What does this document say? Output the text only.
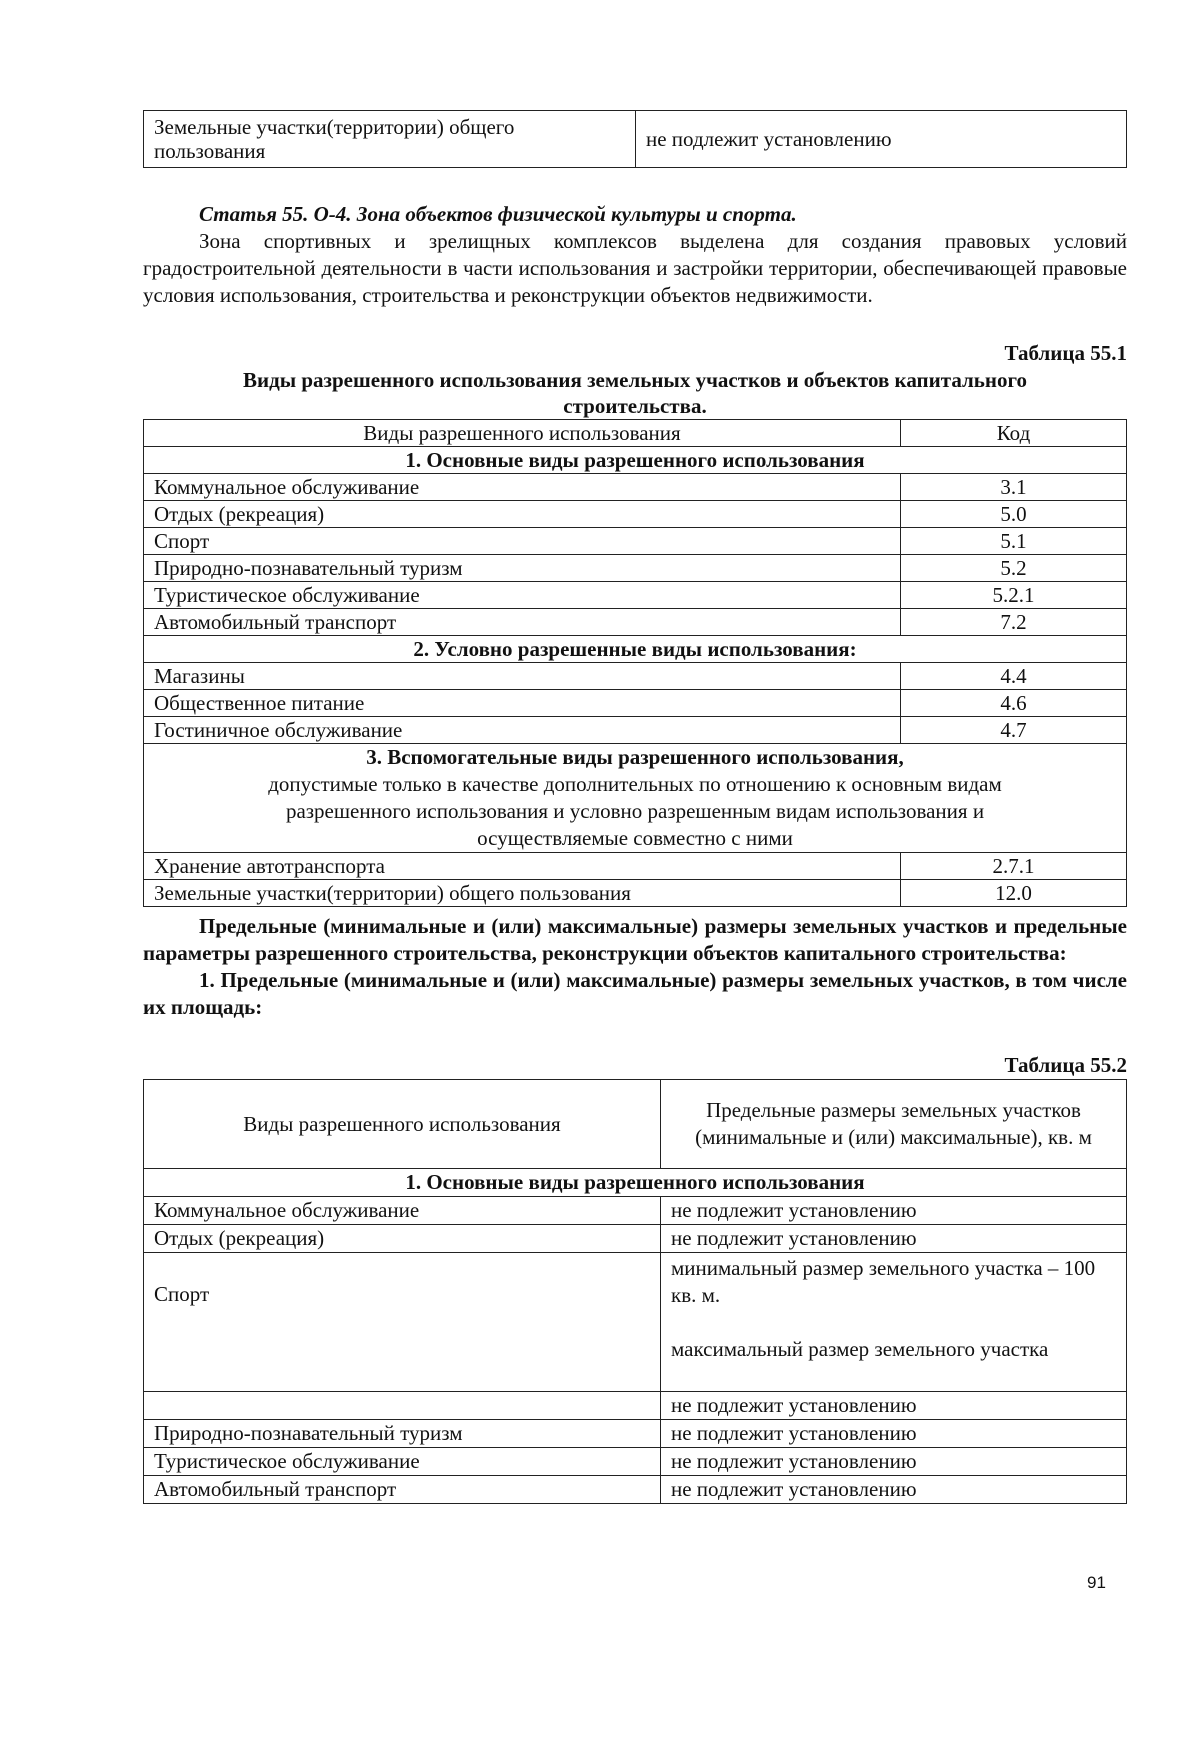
Земельные участки(территории) общего пользования	не подлежит установлению
Статья 55. О-4. Зона объектов физической культуры и спорта.

Зона спортивных и зрелищных комплексов выделена для создания правовых условий градостроительной деятельности в части использования и застройки территории, обеспечивающей правовые условия использования, строительства и реконструкции объектов недвижимости.

Таблица 55.1
Виды разрешенного использования земельных участков и объектов капитального строительства.
Виды разрешенного использования	Код
1. Основные виды разрешенного использования	
Коммунальное обслуживание	3.1
Отдых (рекреация)	5.0
Спорт	5.1
Природно-познавательный туризм	5.2
Туристическое обслуживание	5.2.1
Автомобильный транспорт	7.2
2. Условно разрешенные виды использования:	
Магазины	4.4
Общественное питание	4.6
Гостиничное обслуживание	4.7

3. Вспомогательные виды разрешенного использования,
допустимые только в качестве дополнительных по отношению к основным видам разрешенного использования и условно разрешенным видам использования и осуществляемые совместно с ними	

Хранение автотранспорта	2.7.1
Земельные участки(территории) общего пользования	12.0

Предельные (минимальные и (или) максимальные) размеры земельных участков и предельные параметры разрешенного строительства, реконструкции объектов капитального строительства:

1. Предельные (минимальные и (или) максимальные) размеры земельных участков, в том числе их площадь:

Таблица 55.2
Виды разрешенного использования	Предельные размеры земельных участков (минимальные и (или) максимальные), кв. м
1. Основные виды разрешенного использования	
Коммунальное обслуживание	не подлежит установлению
Отдых (рекреация)	не подлежит установлению
Спорт	минимальный размер земельного участка – 100 кв. м.
максимальный размер земельного участка

	не подлежит установлению
Природно-познавательный туризм	не подлежит установлению
Туристическое обслуживание	не подлежит установлению
Автомобильный транспорт	не подлежит установлению
91
